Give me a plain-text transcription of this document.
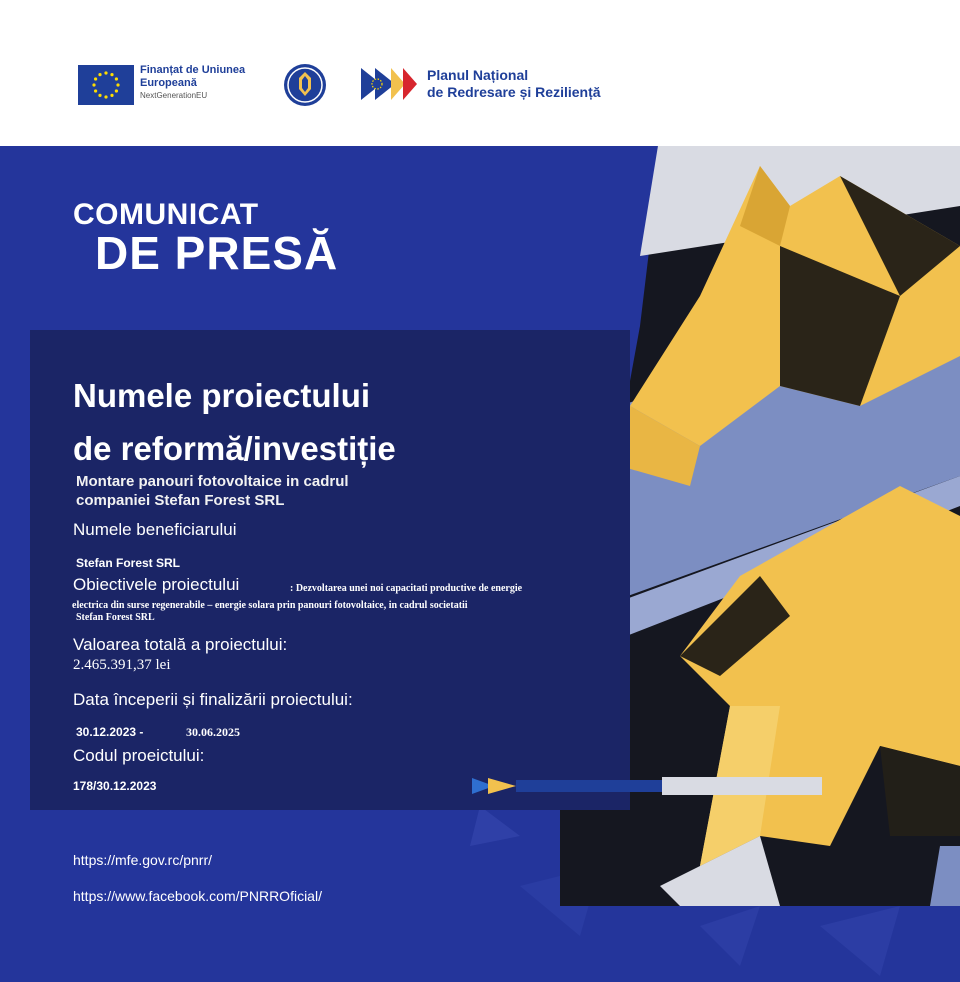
Finanțat de Uniunea Europeană
NextGenerationEU
Planul Național
de Redresare și Reziliență
COMUNICAT
DE PRESĂ
Numele proiectului
de reformă/investiție
Montare panouri fotovoltaice in cadrul
companiei Stefan Forest SRL
Numele beneficiarului
Stefan Forest SRL
Obiectivele proiectului	: Dezvoltarea unei noi capacitati productive de energie
electrica din surse regenerabile – energie solara prin panouri fotovoltaice, in cadrul societatii
Stefan Forest SRL
Valoarea totală a proiectului:
2.465.391,37 lei
Data începerii și finalizării proiectului:
30.12.2023 -	30.06.2025
Codul proeictului:
178/30.12.2023
https://mfe.gov.rc/pnrr/
https://www.facebook.com/PNRROficial/
